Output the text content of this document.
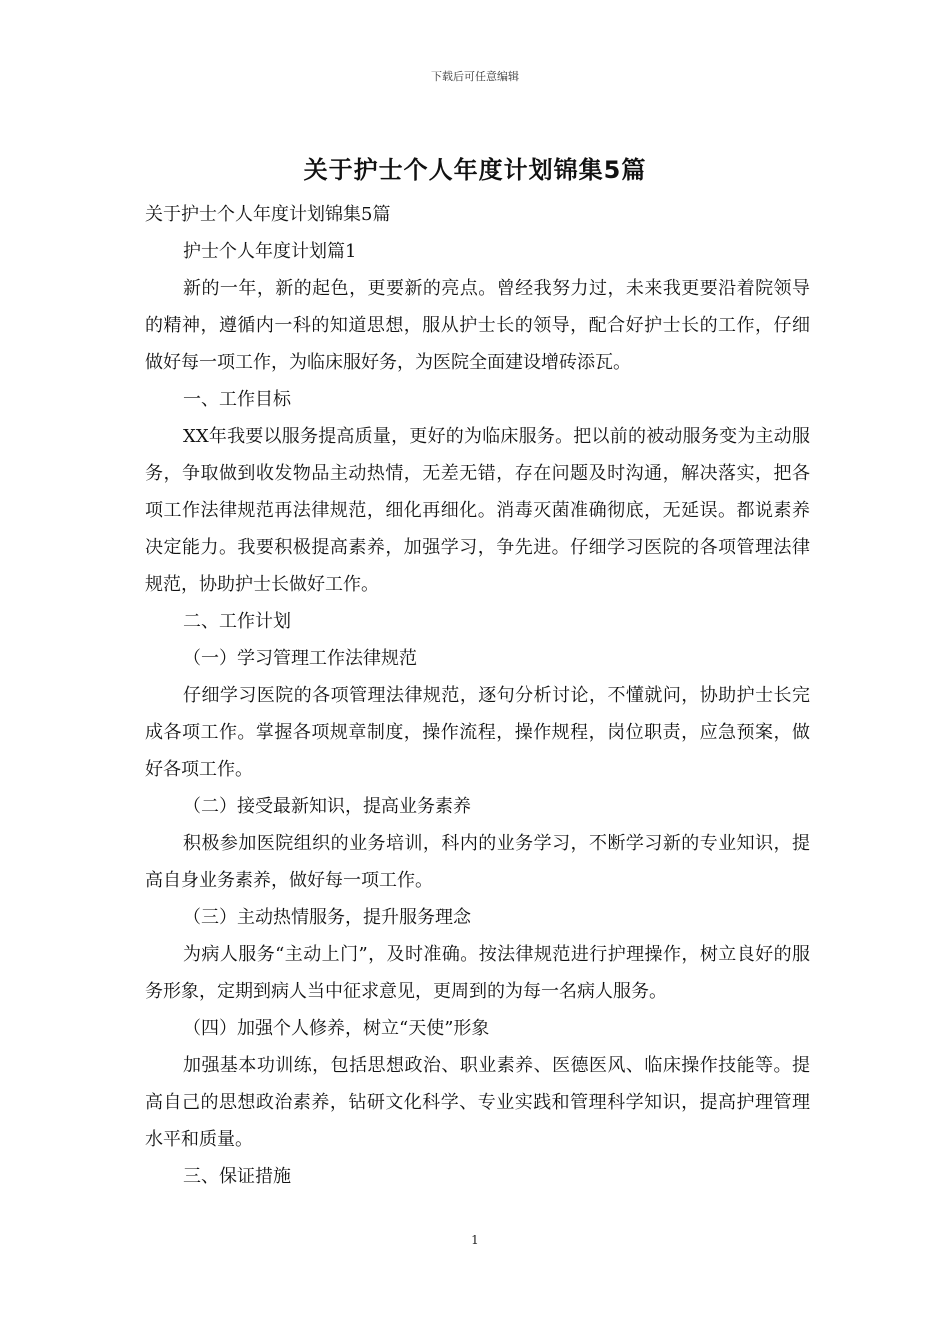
下载后可任意编辑
关于护士个人年度计划锦集5篇

关于护士个人年度计划锦集5篇

护士个人年度计划篇1

新的一年，新的起色，更要新的亮点。曾经我努力过，未来我更要沿着院领导的精神，遵循内一科的知道思想，服从护士长的领导，配合好护士长的工作，仔细做好每一项工作，为临床服好务，为医院全面建设增砖添瓦。

一、工作目标

XX年我要以服务提高质量，更好的为临床服务。把以前的被动服务变为主动服务，争取做到收发物品主动热情，无差无错，存在问题及时沟通，解决落实，把各项工作法律规范再法律规范，细化再细化。消毒灭菌准确彻底，无延误。都说素养决定能力。我要积极提高素养，加强学习，争先进。仔细学习医院的各项管理法律规范，协助护士长做好工作。

二、工作计划

（一）学习管理工作法律规范

仔细学习医院的各项管理法律规范，逐句分析讨论，不懂就问，协助护士长完成各项工作。掌握各项规章制度，操作流程，操作规程，岗位职责，应急预案，做好各项工作。

（二）接受最新知识，提高业务素养

积极参加医院组织的业务培训，科内的业务学习，不断学习新的专业知识，提高自身业务素养，做好每一项工作。

（三）主动热情服务，提升服务理念

为病人服务“主动上门”，及时准确。按法律规范进行护理操作，树立良好的服务形象，定期到病人当中征求意见，更周到的为每一名病人服务。

（四）加强个人修养，树立“天使”形象

加强基本功训练，包括思想政治、职业素养、医德医风、临床操作技能等。提高自己的思想政治素养，钻研文化科学、专业实践和管理科学知识，提高护理管理水平和质量。

三、保证措施

1
